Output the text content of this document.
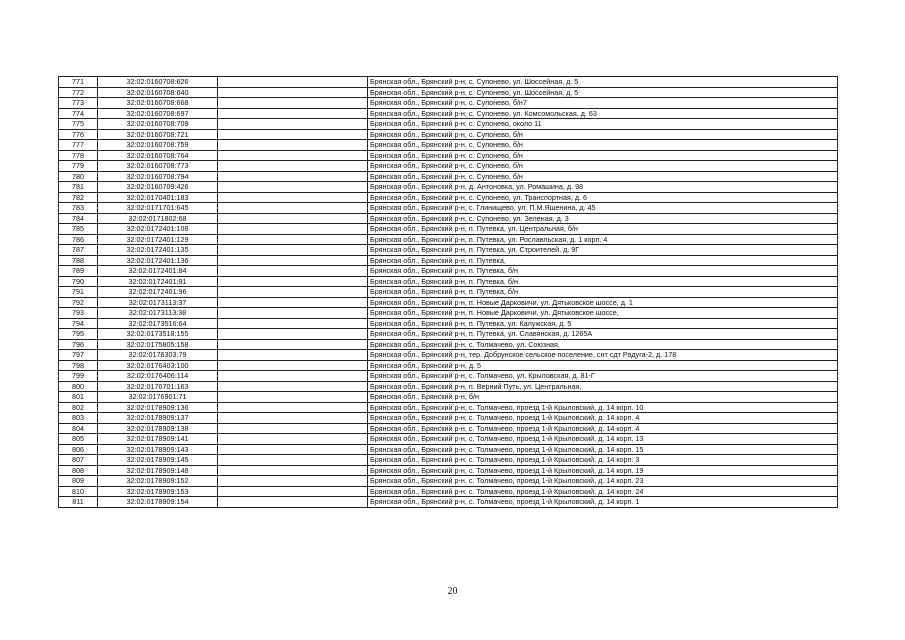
771	32:02:0160708:626		Брянская обл., Брянский р-н, с. Супонево, ул. Шоссейная, д. 5
772	32:02:0160708:640		Брянская обл., Брянский р-н, с. Супонево, ул. Шоссейная, д. 5
773	32:02:0160708:668		Брянская обл., Брянский р-н, с. Супонево, б/н7
774	32:02:0160708:697		Брянская обл., Брянский р-н, с. Супонево, ул. Комсомольская, д. 63
775	32:02:0160708:709		Брянская обл., Брянский р-н, с. Супонево, около 11
776	32:02:0160708:721		Брянская обл., Брянский р-н, с. Супонево, б/н
777	32:02:0160708:759		Брянская обл., Брянский р-н, с. Супонево, б/н
778	32:02:0160708:764		Брянская обл., Брянский р-н, с. Супонево, б/н
779	32:02:0160708:773		Брянская обл., Брянский р-н, с. Супонево, б/н
780	32:02:0160708:794		Брянская обл., Брянский р-н, с. Супонево, б/н
781	32:02:0160709:426		Брянская обл., Брянский р-н, д. Антоновка, ул. Ромашина, д. 98
782	32:02:0170401:183		Брянская обл., Брянский р-н, с. Супонево, ул. Транспортная, д. 6
783	32:02:0171701:645		Брянская обл., Брянский р-н, с. Глинищево, ул. П.М.Яшенина, д. 45
784	32:02:0171802:68		Брянская обл., Брянский р-н, с. Супонево, ул. Зеленая, д. 3
785	32:02:0172401:108		Брянская обл., Брянский р-н, п. Путевка, ул. Центральная, б/н
786	32:02:0172401:129		Брянская обл., Брянский р-н, п. Путевка, ул. Рославльская, д. 1 корп. 4
787	32:02:0172401:135		Брянская обл., Брянский р-н, п. Путевка, ул. Строителей, д. 9Г
788	32:02:0172401:136		Брянская обл., Брянский р-н, п. Путевка,
789	32:02:0172401:84		Брянская обл., Брянский р-н, п. Путевка, б/н
790	32:02:0172401:91		Брянская обл., Брянский р-н, п. Путевка, б/н
791	32:02:0172401:96		Брянская обл., Брянский р-н, п. Путевка, б/н
792	32:02:0173113:37		Брянская обл., Брянский р-н, п. Новые Дарковичи, ул. Дятьковское шоссе, д. 1
793	32:02:0173113:38		Брянская обл., Брянский р-н, п. Новые Дарковичи, ул. Дятьковское шоссе,
794	32:02:0173516:64		Брянская обл., Брянский р-н, п. Путевка, ул. Калужская, д. 5
795	32:02:0173518:155		Брянская обл., Брянский р-н, п. Путевка, ул. Славянская, д. 1265А
796	32:02:0175805:158		Брянская обл., Брянский р-н, с. Толмачево, ул. Союзная,
797	32:02:0176303:79		Брянская обл., Брянский р-н, тер. Добрунское сельское поселение, снт сдт Радуга-2, д. 178
798	32:02:0176403:100		Брянская обл., Брянский р-н, д. 5
799	32:02:0176406:114		Брянская обл., Брянский р-н, с. Толмачево, ул. Крыловская, д. 81-Г
800	32:02:0176701:163		Брянская обл., Брянский р-н, п. Верний Путь, ул. Центральная,
801	32:02:0176901:71		Брянская обл., Брянский р-н, б/н
802	32:02:0178909:136		Брянская обл., Брянский р-н, с. Толмачево, проезд 1-й Крыловский, д. 14 корп. 10
803	32:02:0178909:137		Брянская обл., Брянский р-н, с. Толмачево, проезд 1-й Крыловский, д. 14 корп. 4
804	32:02:0178909:138		Брянская обл., Брянский р-н, с. Толмачево, проезд 1-й Крыловский, д. 14 корп. 4
805	32:02:0178909:141		Брянская обл., Брянский р-н, с. Толмачево, проезд 1-й Крыловский, д. 14 корп. 13
806	32:02:0178909:143		Брянская обл., Брянский р-н, с. Толмачево, проезд 1-й Крыловский, д. 14 корп. 15
807	32:02:0178909:145		Брянская обл., Брянский р-н, с. Толмачево, проезд 1-й Крыловский, д. 14 корп. 3
808	32:02:0178909:148		Брянская обл., Брянский р-н, с. Толмачево, проезд 1-й Крыловский, д. 14 корп. 19
809	32:02:0178909:152		Брянская обл., Брянский р-н, с. Толмачево, проезд 1-й Крыловский, д. 14 корп. 23
810	32:02:0178909:153		Брянская обл., Брянский р-н, с. Толмачево, проезд 1-й Крыловский, д. 14 корп. 24
811	32:02:0178909:154		Брянская обл., Брянский р-н, с. Толмачево, проезд 1-й Крыловский, д. 14 корп. 1
20
